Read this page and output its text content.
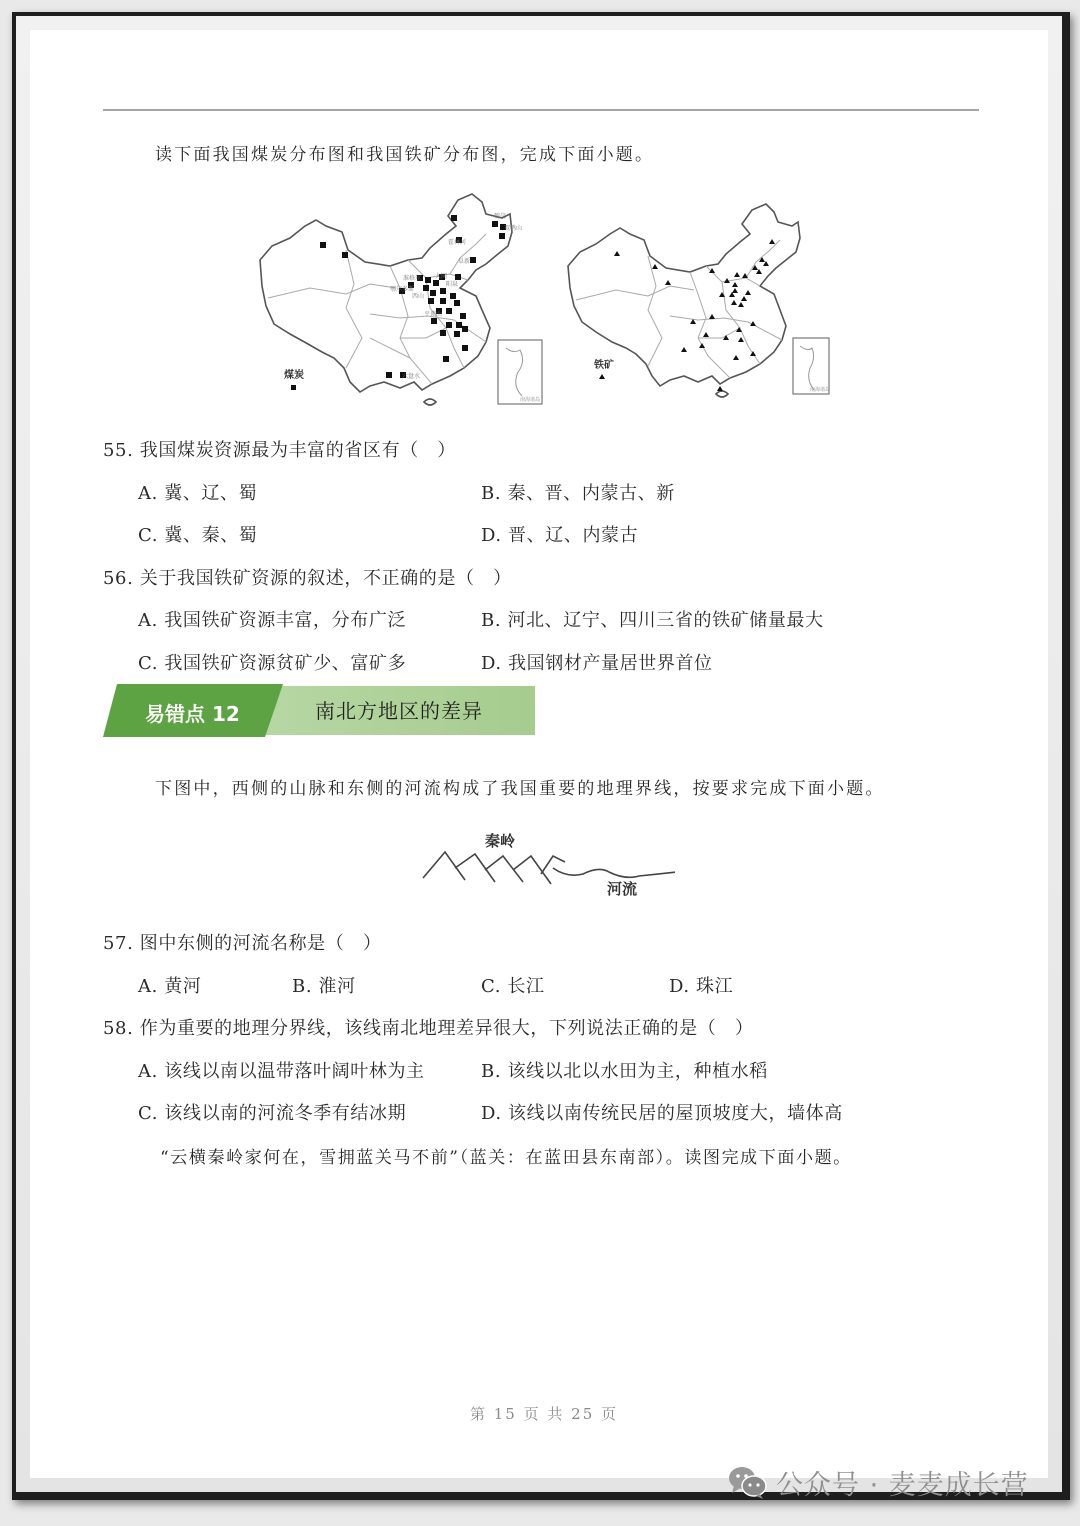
读下面我国煤炭分布图和我国铁矿分布图，完成下面小题。
准格尔 大同
鄂尔多斯
阳泉
西山
平顶山
阜新
霍林河
鹤岗
双鸭山
六盘水
南海诸岛
煤炭
南海诸岛
铁矿
55. 我国煤炭资源最为丰富的省区有（　）
A. 冀、辽、蜀	B. 秦、晋、内蒙古、新
C. 冀、秦、蜀	D. 晋、辽、内蒙古
56. 关于我国铁矿资源的叙述，不正确的是（　）
A. 我国铁矿资源丰富，分布广泛	B. 河北、辽宁、四川三省的铁矿储量最大
C. 我国铁矿资源贫矿少、富矿多	D. 我国钢材产量居世界首位
易错点 12	南北方地区的差异
下图中，西侧的山脉和东侧的河流构成了我国重要的地理界线，按要求完成下面小题。
秦岭
河流
57. 图中东侧的河流名称是（　）
A. 黄河	B. 淮河	C. 长江	D. 珠江
58. 作为重要的地理分界线，该线南北地理差异很大，下列说法正确的是（　）
A. 该线以南以温带落叶阔叶林为主	B. 该线以北以水田为主，种植水稻
C. 该线以南的河流冬季有结冰期	D. 该线以南传统民居的屋顶坡度大，墙体高
“云横秦岭家何在，雪拥蓝关马不前”（蓝关：在蓝田县东南部）。读图完成下面小题。
第 15 页 共 25 页
公众号 · 麦麦成长营
